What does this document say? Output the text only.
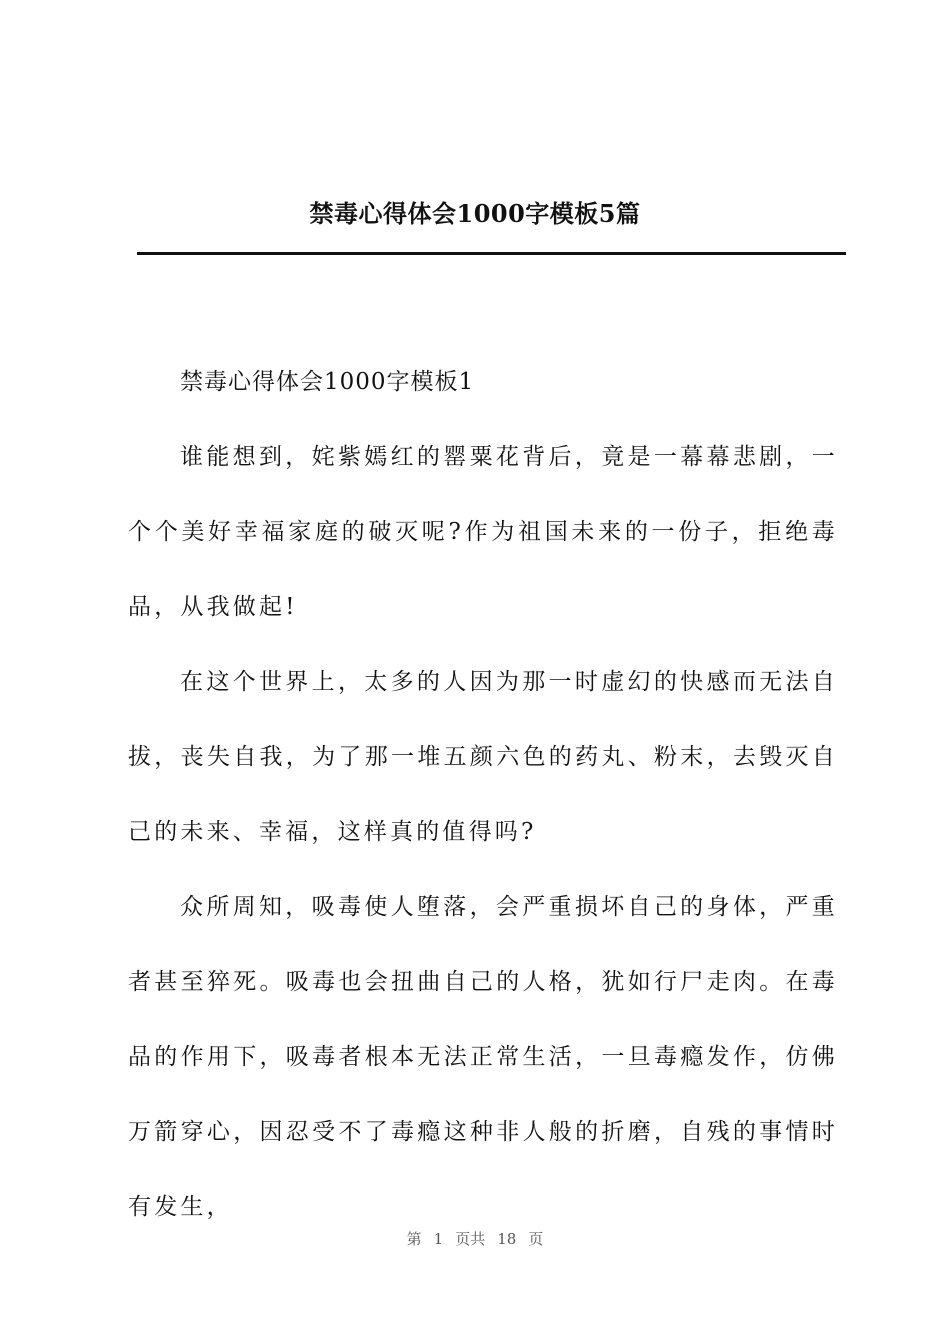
禁毒心得体会1000字模板5篇

禁毒心得体会1000字模板1

谁能想到，姹紫嫣红的罂粟花背后，竟是一幕幕悲剧，一个个美好幸福家庭的破灭呢?作为祖国未来的一份子，拒绝毒品，从我做起!

在这个世界上，太多的人因为那一时虚幻的快感而无法自拔，丧失自我，为了那一堆五颜六色的药丸、粉末，去毁灭自己的未来、幸福，这样真的值得吗?

众所周知，吸毒使人堕落，会严重损坏自己的身体，严重者甚至猝死。吸毒也会扭曲自己的人格，犹如行尸走肉。在毒品的作用下，吸毒者根本无法正常生活，一旦毒瘾发作，仿佛万箭穿心，因忍受不了毒瘾这种非人般的折磨，自残的事情时有发生，

第 1 页共 18 页
